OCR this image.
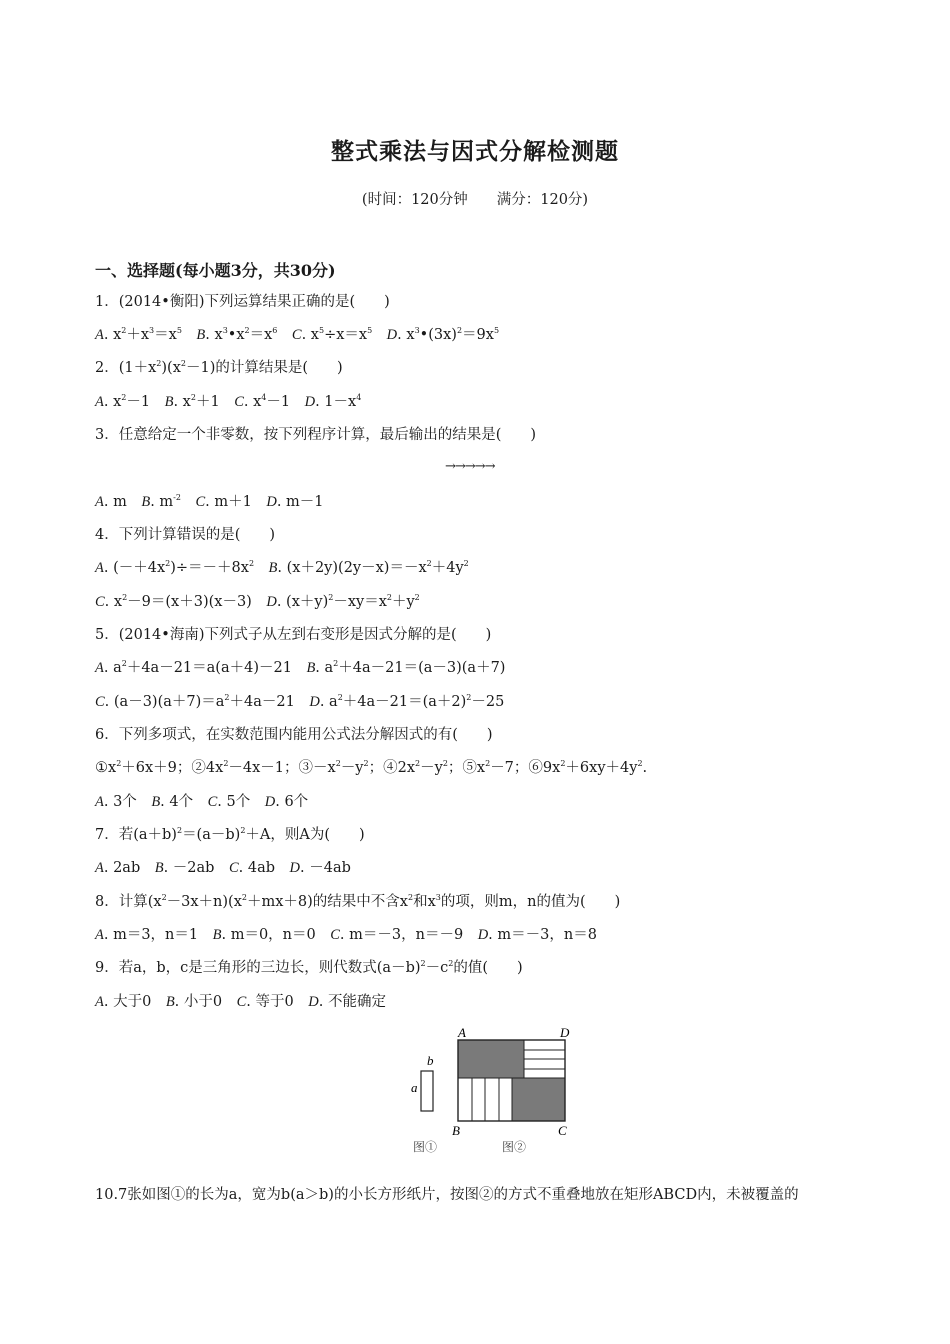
整式乘法与因式分解检测题
(时间：120分钟　　满分：120分)
一、选择题(每小题3分，共30分)
1．(2014•衡阳)下列运算结果正确的是(　　)
A. $x^2+x^3=x^5$　 B. $x^3•x^2=x^6$　 C. $x^5\div x=x^5$　 D. $x^3•(3x)^2=9x^5$
2．$(1+x^2)(x^2-1)$的计算结果是(　　)
A. $x^2-1$　B. $x^2+1$　C. $x^4-1$　D. $1-x^4$
3．任意给定一个非零数，按下列程序计算，最后输出的结果是(　　)
→→→→→
A. m　B. $m^{-2}$　 C. m＋1　D. m－1
4．下列计算错误的是(　　)
A. $(-+4x^2)\div=-+8x^2$　 B. $(x+2y)(2y-x)=-x^2+4y^2$
C. $x^2-9=(x+3)(x-3)$　D. $(x+y)^2-xy=x^2+y^2$
5．(2014•海南)下列式子从左到右变形是因式分解的是(　　)
A. $a^2+4a-21=a(a+4)-21$　B. $a^2+4a-21=(a-3)(a+7)$
C. $(a-3)(a+7)=a^2+4a-21$　D. $a^2+4a-21=(a+2)^2-25$
6．下列多项式，在实数范围内能用公式法分解因式的有(　　)
$①x^2+6x+9$；$②4x^2-4x-1$；$③-x^2-y^2$；$④2x^2-y^2$；$⑤x^2-7$；$⑥9x^2+6xy+4y^2$.
A. 3个　B. 4个　C. 5个　D. 6个
7．若$(a+b)^2=(a-b)^2+A$，则A为(　　)
A. 2ab　B. －2ab　C. 4ab　D. －4ab
8．计算$(x^2-3x+n)(x^2+mx+8)$的结果中不含$x^2$和$x^3$的项，则m，n的值为(　　)
A. m＝3，n＝1　B. m＝0，n＝0　C. m＝－3，n＝－9　D. m＝－3，n＝8
9．若a，b，c是三角形的三边长，则代数式$(a-b)^2-c^2$的值(　　)
A. 大于0　B. 小于0　C. 等于0　D. 不能确定
b
a
A	D
B	C
图①	图②
10.7张如图①的长为a，宽为b(a＞b)的小长方形纸片，按图②的方式不重叠地放在矩形ABCD内，未被覆盖的
